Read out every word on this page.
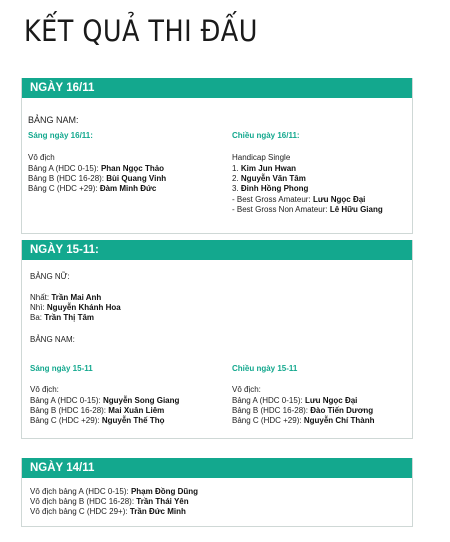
KẾT QUẢ THI ĐẤU
NGÀY 16/11
BẢNG NAM:
Sáng ngày 16/11:
Vô địch
Bảng A (HDC 0-15): Phan Ngọc Thảo
Bảng B (HDC 16-28): Bùi Quang Vinh
Bảng C (HDC +29): Đàm Minh Đức
Chiều ngày 16/11:
Handicap Single
1. Kim Jun Hwan
2. Nguyễn Văn Tâm
3. Đinh Hồng Phong
- Best Gross Amateur: Lưu Ngọc Đại
- Best Gross Non Amateur: Lê Hữu Giang
NGÀY 15-11:
BẢNG NỮ:
Nhất: Trần Mai Anh
Nhì: Nguyễn Khánh Hoa
Ba: Trần Thị Tâm
BẢNG NAM:
Sáng ngày 15-11
Vô địch:
Bảng A (HDC 0-15): Nguyễn Song Giang
Bảng B (HDC 16-28): Mai Xuân Liêm
Bảng C (HDC +29): Nguyễn Thế Thọ
Chiều ngày 15-11
Vô địch:
Bảng A (HDC 0-15): Lưu Ngọc Đại
Bảng B (HDC 16-28): Đào Tiến Dương
Bảng C (HDC +29): Nguyễn Chí Thành
NGÀY 14/11
Vô địch bảng A (HDC 0-15): Phạm Đồng Dũng
Vô địch bảng B (HDC 16-28): Trần Thái Yên
Vô địch bảng C (HDC 29+): Trần Đức Minh
